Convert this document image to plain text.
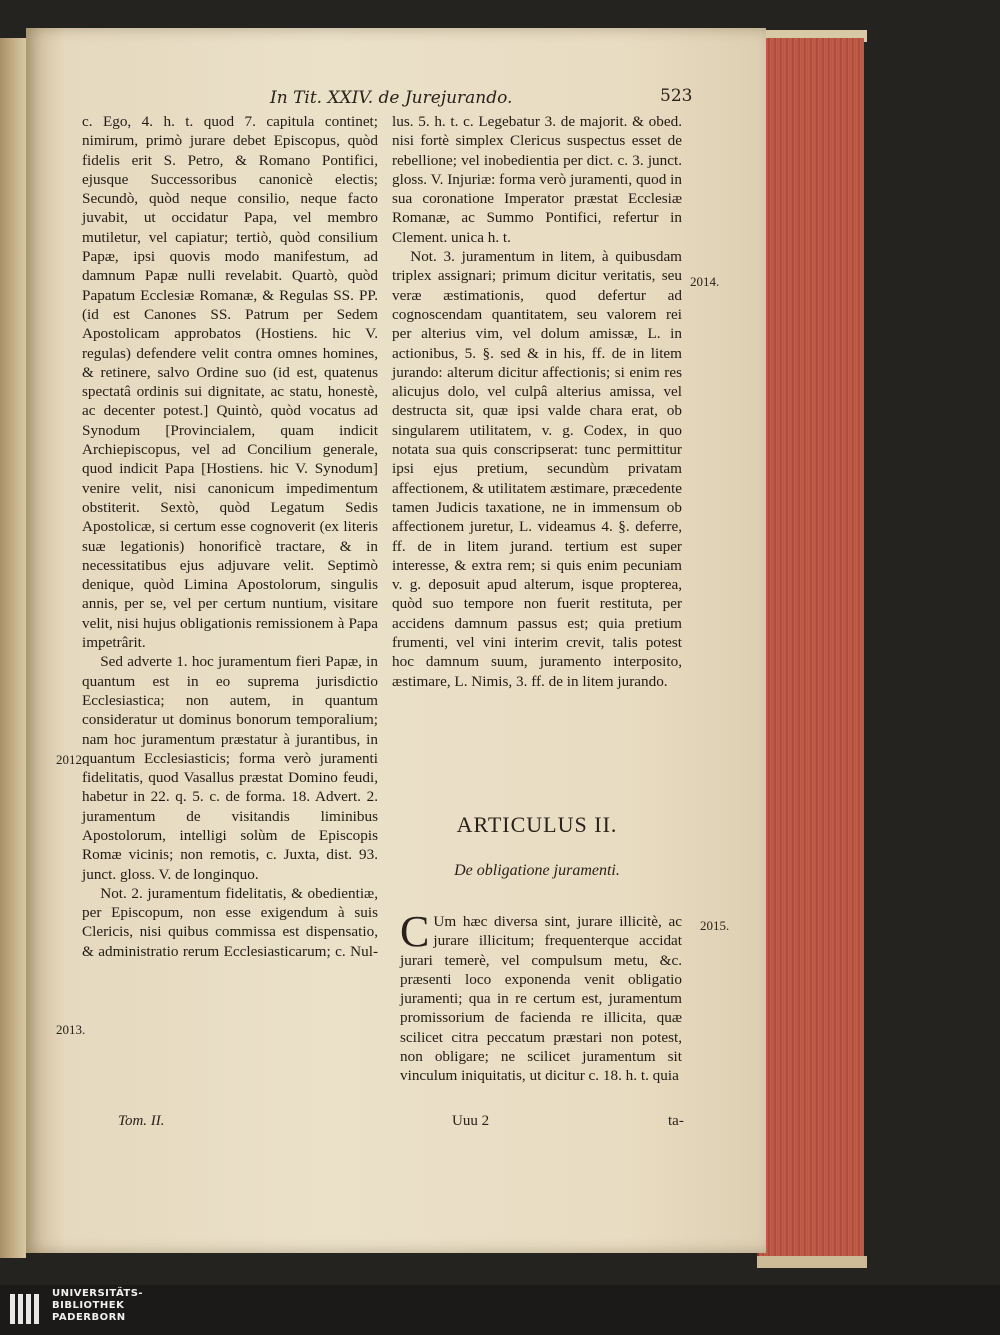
In Tit. XXIV. de Jurejurando.	523

c. Ego, 4. h. t. quod 7. capitula continet; nimirum, primò jurare debet Episcopus, quòd fidelis erit S. Petro, & Romano Pontifici, ejusque Successoribus canonicè electis; Secundò, quòd neque consilio, neque facto juvabit, ut occidatur Papa, vel membro mutiletur, vel capiatur; tertiò, quòd consilium Papæ, ipsi quovis modo manifestum, ad damnum Papæ nulli revelabit. Quartò, quòd Papatum Ecclesiæ Romanæ, & Regulas SS. PP. (id est Canones SS. Patrum per Sedem Apostolicam approbatos (Hostiens. hic V. regulas) defendere velit contra omnes homines, & retinere, salvo Ordine suo (id est, quatenus spectatâ ordinis sui dignitate, ac statu, honestè, ac decenter potest.] Quintò, quòd vocatus ad Synodum [Provincialem, quam indicit Archiepiscopus, vel ad Concilium generale, quod indicit Papa [Hostiens. hic V. Synodum] venire velit, nisi canonicum impedimentum obstiterit. Sextò, quòd Legatum Sedis Apostolicæ, si certum esse cognoverit (ex literis suæ legationis) honorificè tractare, & in necessitatibus ejus adjuvare velit. Septimò denique, quòd Limina Apostolorum, singulis annis, per se, vel per certum nuntium, visitare velit, nisi hujus obligationis remissionem à Papa impetrârit.

Sed adverte 1. hoc juramentum fieri Papæ, in quantum est in eo suprema jurisdictio Ecclesiastica; non autem, in quantum consideratur ut dominus bonorum temporalium; nam hoc juramentum præstatur à jurantibus, in quantum Ecclesiasticis; forma verò juramenti fidelitatis, quod Vasallus præstat Domino feudi, habetur in 22. q. 5. c. de forma. 18. Advert. 2. juramentum de visitandis liminibus Apostolorum, intelligi solùm de Episcopis Romæ vicinis; non remotis, c. Juxta, dist. 93. junct. gloss. V. de longinquo.

Not. 2. juramentum fidelitatis, & obedientiæ, per Episcopum, non esse exigendum à suis Clericis, nisi quibus commissa est dispensatio, & administratio rerum Ecclesiasticarum; c. Nul-

lus. 5. h. t. c. Legebatur 3. de majorit. & obed. nisi fortè simplex Clericus suspectus esset de rebellione; vel inobedientia per dict. c. 3. junct. gloss. V. Injuriæ: forma verò juramenti, quod in sua coronatione Imperator præstat Ecclesiæ Romanæ, ac Summo Pontifici, refertur in Clement. unica h. t.

Not. 3. juramentum in litem, à quibusdam triplex assignari; primum dicitur veritatis, seu veræ æstimationis, quod defertur ad cognoscendam quantitatem, seu valorem rei per alterius vim, vel dolum amissæ, L. in actionibus, 5. §. sed & in his, ff. de in litem jurando: alterum dicitur affectionis; si enim res alicujus dolo, vel culpâ alterius amissa, vel destructa sit, quæ ipsi valde chara erat, ob singularem utilitatem, v. g. Codex, in quo notata sua quis conscripserat: tunc permittitur ipsi ejus pretium, secundùm privatam affectionem, & utilitatem æstimare, præcedente tamen Judicis taxatione, ne in immensum ob affectionem juretur, L. videamus 4. §. deferre, ff. de in litem jurand. tertium est super interesse, & extra rem; si quis enim pecuniam v. g. deposuit apud alterum, isque propterea, quòd suo tempore non fuerit restituta, per accidens damnum passus est; quia pretium frumenti, vel vini interim crevit, talis potest hoc damnum suum, juramento interposito, æstimare, L. Nimis, 3. ff. de in litem jurando.

2012.
2013.
2014.
2015.
ARTICULUS II.
De obligatione juramenti.

C Um hæc diversa sint, jurare illicitè, ac jurare illicitum; frequenterque accidat jurari temerè, vel compulsum metu, &c. præsenti loco exponenda venit obligatio juramenti; qua in re certum est, juramentum promissorium de facienda re illicita, quæ scilicet citra peccatum præstari non potest, non obligare; ne scilicet juramentum sit vinculum iniquitatis, ut dicitur c. 18. h. t. quia

Tom. II.	Uuu 2	ta-
UNIVERSITÄTS-
BIBLIOTHEK
PADERBORN
